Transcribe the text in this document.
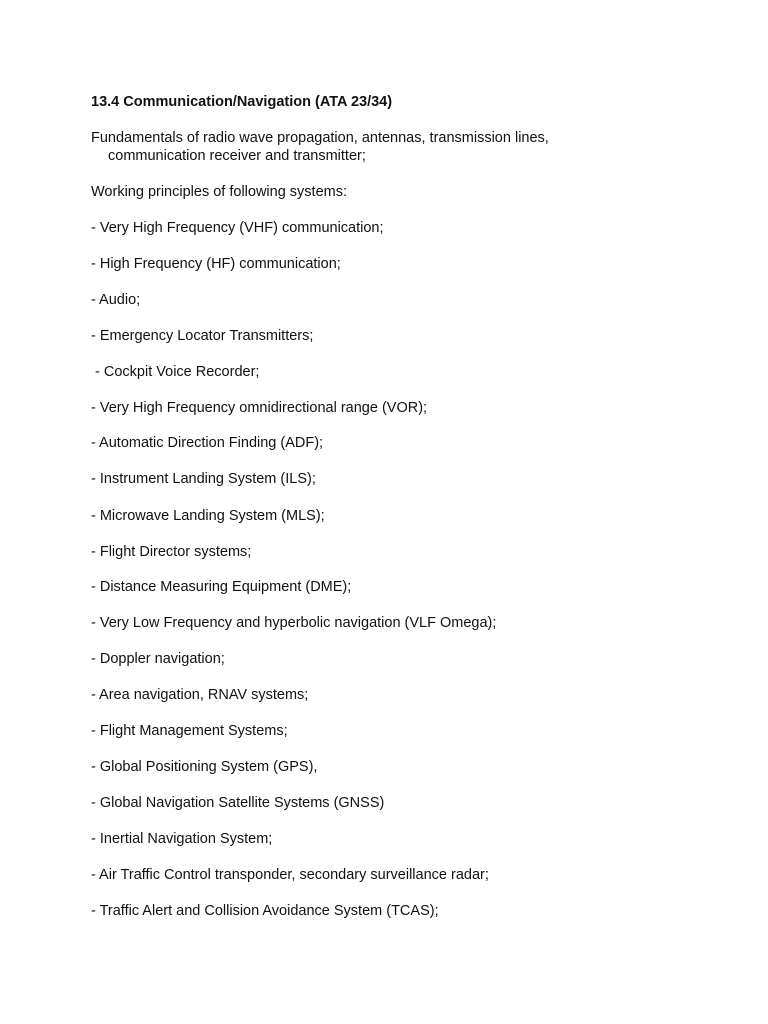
13.4 Communication/Navigation (ATA 23/34)
Fundamentals of radio wave propagation, antennas, transmission lines,
communication receiver and transmitter;
Working principles of following systems:
- Very High Frequency (VHF) communication;
- High Frequency (HF) communication;
- Audio;
- Emergency Locator Transmitters;
- Cockpit Voice Recorder;
- Very High Frequency omnidirectional range (VOR);
- Automatic Direction Finding (ADF);
- Instrument Landing System (ILS);
- Microwave Landing System (MLS);
- Flight Director systems;
- Distance Measuring Equipment (DME);
- Very Low Frequency and hyperbolic navigation (VLF Omega);
- Doppler navigation;
- Area navigation, RNAV systems;
- Flight Management Systems;
- Global Positioning System (GPS),
- Global Navigation Satellite Systems (GNSS)
- Inertial Navigation System;
- Air Traffic Control transponder, secondary surveillance radar;
- Traffic Alert and Collision Avoidance System (TCAS);
